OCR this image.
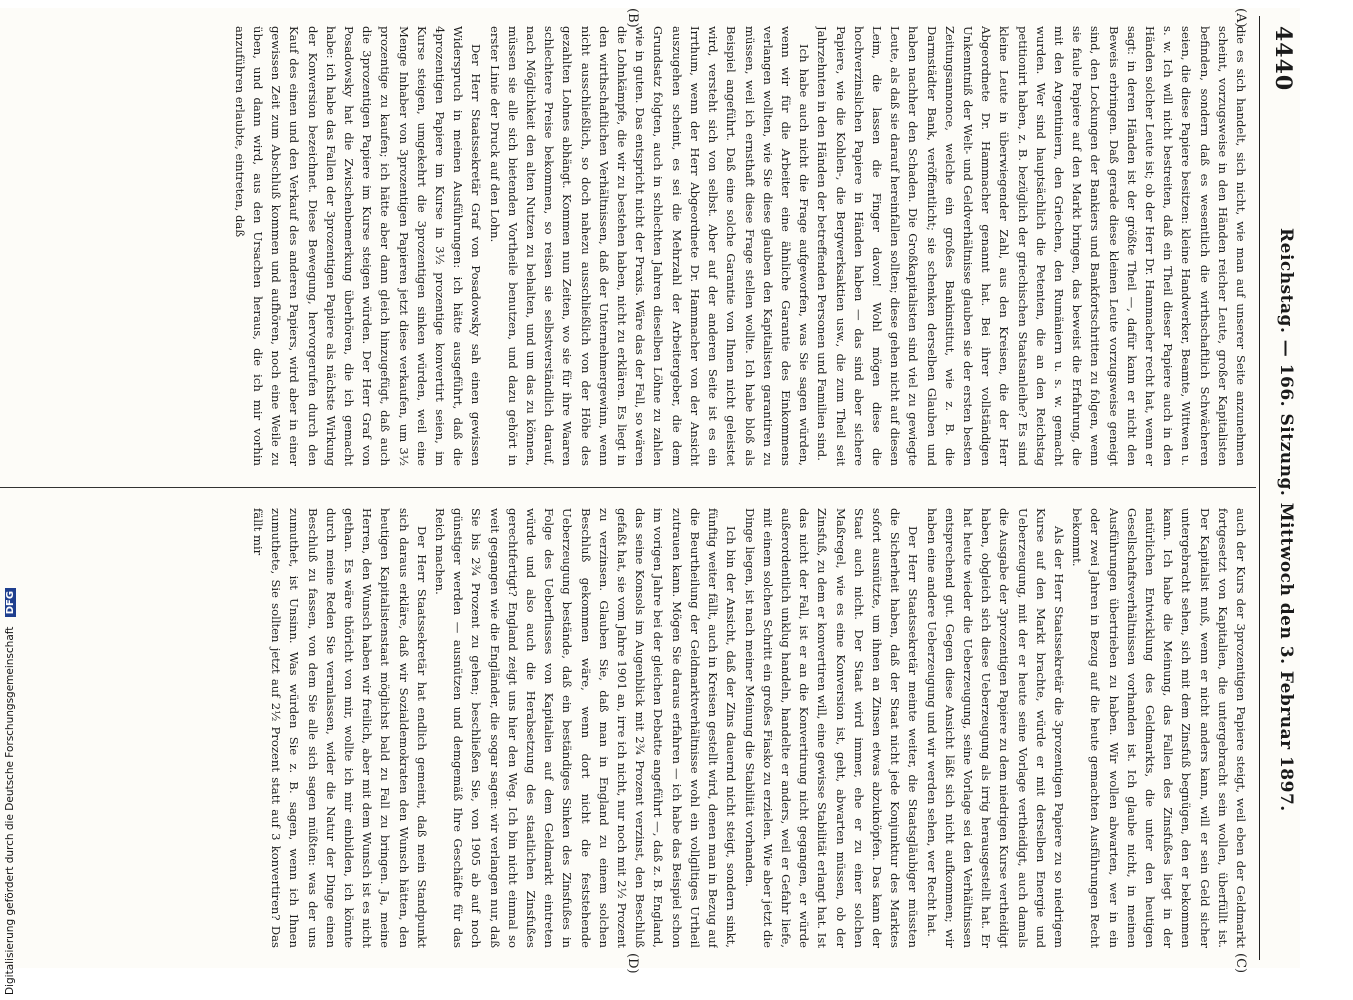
4440
Reichstag. — 166. Sitzung. Mittwoch den 3. Februar 1897.
(A)
(B)
(C)
(D)

die es sich handelt, sich nicht, wie man auf unserer Seite anzunehmen scheint, vorzugsweise in den Händen reicher Leute, großer Kapitalisten befinden, sondern daß es wesentlich die wirthschaftlich Schwächeren seien, die diese Papiere besitzen: kleine Handwerker, Beamte, Wittwen u. s. w. Ich will nicht bestreiten, daß ein Theil dieser Papiere auch in den Händen solcher Leute ist; ob der Herr Dr. Hammacher recht hat, wenn er sagt: in deren Händen ist der größte Theil —, dafür kann er nicht den Beweis erbringen. Daß gerade diese kleinen Leute vorzugsweise geneigt sind, den Lockungen der Bankiers und Bankfortschritten zu folgen, wenn sie faule Papiere auf den Markt bringen, das beweist die Erfahrung, die mit den Argentiniern, den Griechen, den Rumäniern u. s. w. gemacht wurden. Wer sind hauptsächlich die Petenten, die an den Reichstag petitionirt haben, z. B. bezüglich der griechischen Staatsanleihe? Es sind kleine Leute in überwiegender Zahl, aus den Kreisen, die der Herr Abgeordnete Dr. Hammacher genannt hat. Bei ihrer vollständigen Unkenntniß der Welt- und Geldverhältnisse glauben sie der ersten besten Zeitungsannonce, welche ein großes Bankinstitut, wie z. B. die Darmstädter Bank, veröffentlicht; sie schenken derselben Glauben und haben nachher den Schaden. Die Großkapitalisten sind viel zu gewiegte Leute, als daß sie darauf hereinfallen sollten; diese gehen nicht auf diesen Leim, die lassen die Finger davon! Wohl mögen diese die hochverzinslichen Papiere in Händen haben — das sind aber sichere Papiere, wie die Kohlen-, die Bergwerksaktien usw., die zum Theil seit Jahrzehnten in den Händen der betreffenden Personen und Familien sind.

Ich habe auch nicht die Frage aufgeworfen, was Sie sagen würden, wenn wir für die Arbeiter eine ähnliche Garantie des Einkommens verlangen wollten, wie Sie diese glauben den Kapitalisten garantiren zu müssen, weil ich ernsthaft diese Frage stellen wollte. Ich habe bloß als Beispiel angeführt. Daß eine solche Garantie von Ihnen nicht geleistet wird, versteht sich von selbst. Aber auf der anderen Seite ist es ein Irrthum, wenn der Herr Abgeordnete Dr. Hammacher von der Ansicht auszugehen scheint, es sei die Mehrzahl der Arbeitergeber, die dem Grundsatz folgten, auch in schlechten Jahren dieselben Löhne zu zahlen wie in guten. Das entspricht nicht der Praxis. Wäre das der Fall, so wären die Lohnkämpfe, die wir zu bestehen haben, nicht zu erklären. Es liegt in den wirthschaftlichen Verhältnissen, daß der Unternehmergewinn, wenn nicht ausschließlich, so doch nahezu ausschließlich von der Höhe des gezahlten Lohnes abhängt. Kommen nun Zeiten, wo sie für ihre Waaren schlechtere Preise bekommen, so reisen sie selbstverständlich darauf, nach Möglichkeit den alten Nutzen zu behalten, und um das zu können, müssen sie alle sich bietenden Vortheile benutzen, und dazu gehört in erster Linie der Druck auf den Lohn.

Der Herr Staatssekretär Graf von Posadowsky sah einen gewissen Widerspruch in meinen Ausführungen: ich hätte ausgeführt, daß die 4prozentigen Papiere im Kurse in 3½ prozentige konvertirt seien, im Kurse steigen, umgekehrt die 3prozentigen sinken würden, weil eine Menge Inhaber von 3prozentigen Papieren jetzt diese verkaufen, um 3½ prozentige zu kaufen; ich hätte aber dann gleich hinzugefügt, daß auch die 3prozentigen Papiere im Kurse steigen würden. Der Herr Graf von Posadowsky hat die Zwischenbemerkung überhören, die ich gemacht habe: ich habe das Fallen der 3prozentigen Papiere als nächste Wirkung der Konversion bezeichnet. Diese Bewegung, hervorgerufen durch den Kauf des einen und den Verkauf des anderen Papiers, wird aber in einer gewissen Zeit zum Abschluß kommen und aufhören, noch eine Weile zu üben, und dann wird, aus den Ursachen heraus, die ich mir vorhin anzuführen erlaubte, eintreten, daß

auch der Kurs der 3prozentigen Papiere steigt, weil eben der Geldmarkt fortgesetzt von Kapitalien, die untergebracht sein wollen, überfüllt ist. Der Kapitalist muß, wenn er nicht anders kann, will er sein Geld sicher untergebracht sehen, sich mit dem Zinsfuß begnügen, den er bekommen kann. Ich habe die Meinung, das Fallen des Zinsfußes liegt in der natürlichen Entwicklung des Geldmarkts, die unter den heutigen Gesellschaftsverhältnissen vorhanden ist. Ich glaube nicht, in meinen Ausführungen übertrieben zu haben. Wir wollen abwarten, wer in ein oder zwei Jahren in Bezug auf die heute gemachten Ausführungen Recht bekommt.

Als der Herr Staatssekretär die 3prozentigen Papiere zu so niedrigem Kurse auf den Markt brachte, würde er mit derselben Energie und Ueberzeugung, mit der er heute seine Vorlage vertheidigt, auch damals die Ausgabe der 3prozentigen Papiere zu dem niedrigen Kurse vertheidigt haben, obgleich sich diese Ueberzeugung als irrig herausgestellt hat. Er hat heute wieder die Ueberzeugung, seine Vorlage sei den Verhältnissen entsprechend gut. Gegen diese Ansicht läßt sich nicht aufkommen; wir haben eine andere Ueberzeugung und wir werden sehen, wer Recht hat.

Der Herr Staatssekretär meinte weiter, die Staatsgläubiger müssten die Sicherheit haben, daß der Staat nicht jede Konjunktur des Marktes sofort ausnützte, um ihnen an Zinsen etwas abzuknöpfen. Das kann der Staat auch nicht. Der Staat wird immer, ehe er zu einer solchen Maßregel, wie es eine Konversion ist, geht, abwarten müssen, ob der Zinsfuß, zu dem er konvertiren will, eine gewisse Stabilität erlangt hat. Ist das nicht der Fall, ist er an die Konvertirung nicht gegangen, er würde außerordentlich unklug handeln, handelte er anders, weil er Gefahr liefe, mit einem solchen Schritt ein großes Fiasko zu erzielen. Wie aber jetzt die Dinge liegen, ist nach meiner Meinung die Stabilität vorhanden.

Ich bin der Ansicht, daß der Zins dauernd nicht steigt, sondern sinkt, fünftig weiter fällt, auch in Kreisen gestellt wird, denen man in Bezug auf die Beurtheilung der Geldmarktverhältnisse wohl ein vollgiltiges Urtheil zutrauen kann. Mögen Sie daraus erfahren — ich habe das Beispiel schon im vorigen Jahre bei der gleichen Debatte angeführt —, daß z. B. England, das seine Konsols im Augenblick mit 2¾ Prozent verzinst, den Beschluß gefaßt hat, sie vom Jahre 1901 an, irre ich nicht, nur noch mit 2½ Prozent zu verzinsen. Glauben Sie, daß man in England zu einem solchen Beschluß gekommen wäre, wenn dort nicht die feststehende Ueberzeugung bestände, daß ein beständiges Sinken des Zinsfußes in Folge des Ueberflusses von Kapitalien auf dem Geldmarkt eintreten würde und also auch die Herabsetzung des staatlichen Zinsfußes gerechtfertigt? England zeigt uns hier den Weg. Ich bin nicht einmal so weit gegangen wie die Engländer, die sogar sagen: wir verlangen nur, daß Sie bis 2¾ Prozent zu gehen; beschließen Sie, von 1905 ab auf noch günstiger werden — ausnützen und demgemäß Ihre Geschäfte für das Reich machen.

Der Herr Staatssekretär hat endlich gemeint, daß mein Standpunkt sich daraus erkläre, daß wir Sozialdemokraten den Wunsch hätten, den heutigen Kapitalistenstaat möglichst bald zu Fall zu bringen. Ja, meine Herren, den Wunsch haben wir freilich, aber mit dem Wunsch ist es nicht gethan. Es wäre thöricht von mir, wollte ich mir einbilden, ich könnte durch meine Reden Sie veranlassen, wider die Natur der Dinge einen Beschluß zu fassen, von dem Sie alle sich sagen müßten: was der uns zumuthet, ist Unsinn. Was würden Sie z. B. sagen, wenn ich Ihnen zumuthete, Sie sollten jetzt auf 2½ Prozent statt auf 3 konvertiren? Das fällt mir

Digitalisierung gefördert durch die Deutsche Forschungsgemeinschaft DFG
